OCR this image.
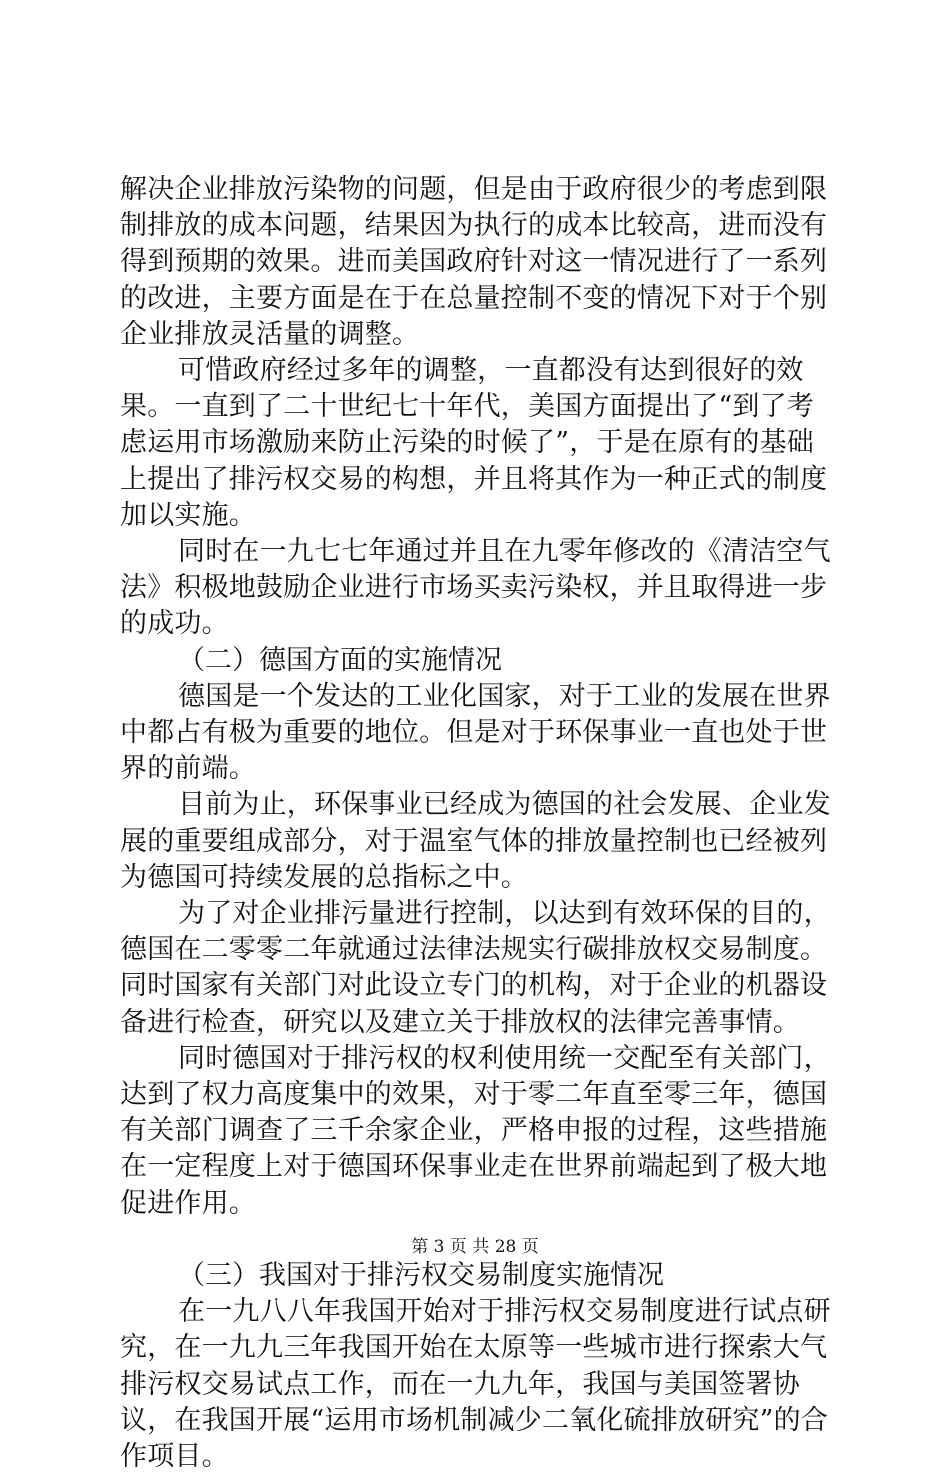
解决企业排放污染物的问题，但是由于政府很少的考虑到限制排放的成本问题，结果因为执行的成本比较高，进而没有得到预期的效果。进而美国政府针对这一情况进行了一系列的改进，主要方面是在于在总量控制不变的情况下对于个别企业排放灵活量的调整。

可惜政府经过多年的调整，一直都没有达到很好的效果。一直到了二十世纪七十年代，美国方面提出了“到了考虑运用市场激励来防止污染的时候了”，于是在原有的基础上提出了排污权交易的构想，并且将其作为一种正式的制度加以实施。

同时在一九七七年通过并且在九零年修改的《清洁空气法》积极地鼓励企业进行市场买卖污染权，并且取得进一步的成功。

（二）德国方面的实施情况

德国是一个发达的工业化国家，对于工业的发展在世界中都占有极为重要的地位。但是对于环保事业一直也处于世界的前端。

目前为止，环保事业已经成为德国的社会发展、企业发展的重要组成部分，对于温室气体的排放量控制也已经被列为德国可持续发展的总指标之中。

为了对企业排污量进行控制，以达到有效环保的目的，德国在二零零二年就通过法律法规实行碳排放权交易制度。同时国家有关部门对此设立专门的机构，对于企业的机器设备进行检查，研究以及建立关于排放权的法律完善事情。

同时德国对于排污权的权利使用统一交配至有关部门，达到了权力高度集中的效果，对于零二年直至零三年，德国有关部门调查了三千余家企业，严格申报的过程，这些措施在一定程度上对于德国环保事业走在世界前端起到了极大地促进作用。

（三）我国对于排污权交易制度实施情况

在一九八八年我国开始对于排污权交易制度进行试点研究，在一九九三年我国开始在太原等一些城市进行探索大气排污权交易试点工作，而在一九九年，我国与美国签署协议，在我国开展“运用市场机制减少二氧化硫排放研究”的合作项目。

第 3 页 共 28 页
